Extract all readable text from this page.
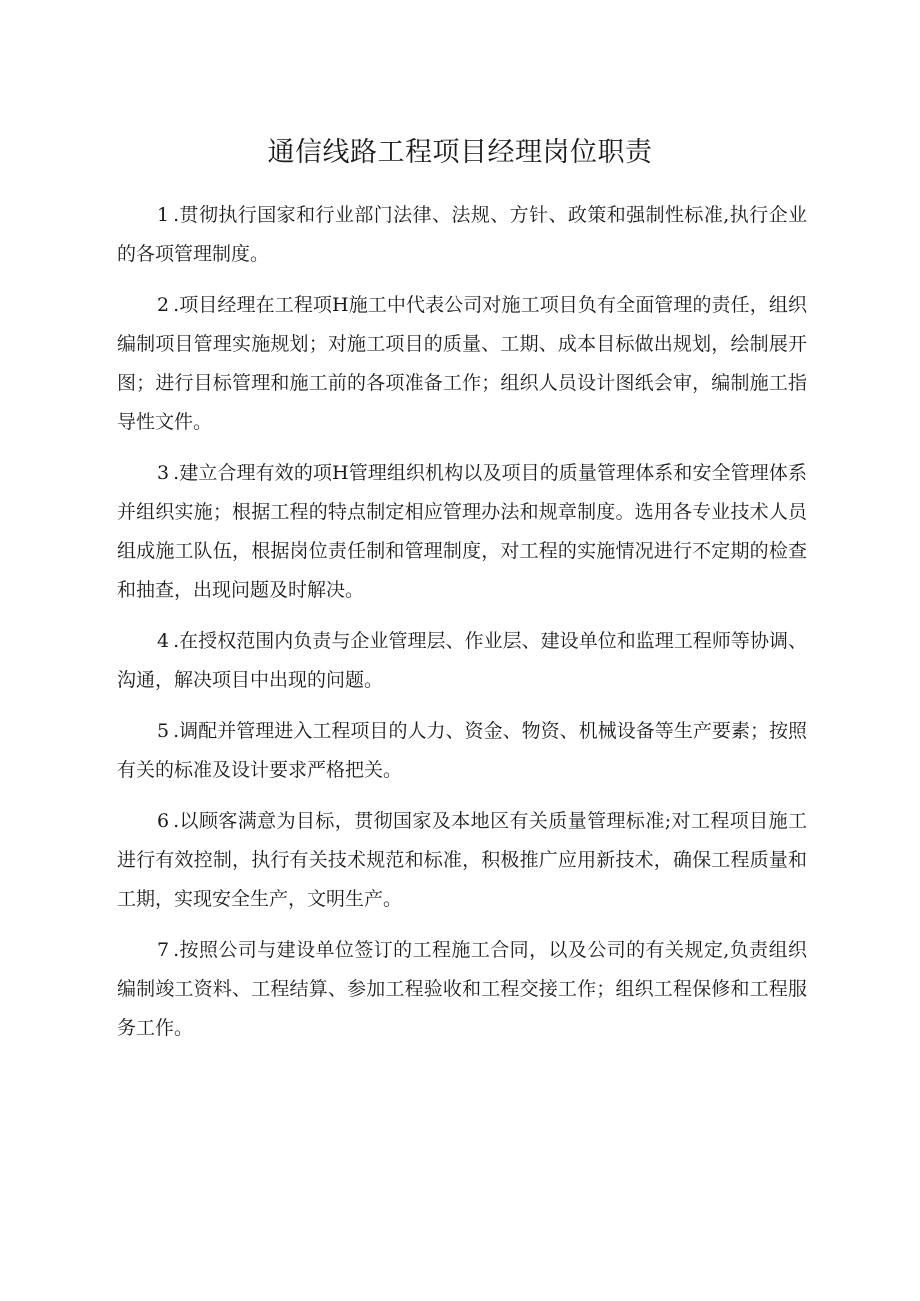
通信线路工程项目经理岗位职责

1 .贯彻执行国家和行业部门法律、法规、方针、政策和强制性标准,执行企业的各项管理制度。

2 .项目经理在工程项H施工中代表公司对施工项目负有全面管理的责任，组织编制项目管理实施规划；对施工项目的质量、工期、成本目标做出规划，绘制展开图；进行目标管理和施工前的各项准备工作；组织人员设计图纸会审，编制施工指导性文件。

3 .建立合理有效的项H管理组织机构以及项目的质量管理体系和安全管理体系并组织实施；根据工程的特点制定相应管理办法和规章制度。选用各专业技术人员组成施工队伍，根据岗位责任制和管理制度，对工程的实施情况进行不定期的检查和抽查，出现问题及时解决。

4 .在授权范围内负责与企业管理层、作业层、建设单位和监理工程师等协调、沟通，解决项目中出现的问题。

5 .调配并管理进入工程项目的人力、资金、物资、机械设备等生产要素；按照有关的标准及设计要求严格把关。

6 .以顾客满意为目标，贯彻国家及本地区有关质量管理标准;对工程项目施工进行有效控制，执行有关技术规范和标准，积极推广应用新技术，确保工程质量和工期，实现安全生产，文明生产。

7 .按照公司与建设单位签订的工程施工合同，以及公司的有关规定,负责组织编制竣工资料、工程结算、参加工程验收和工程交接工作；组织工程保修和工程服务工作。
